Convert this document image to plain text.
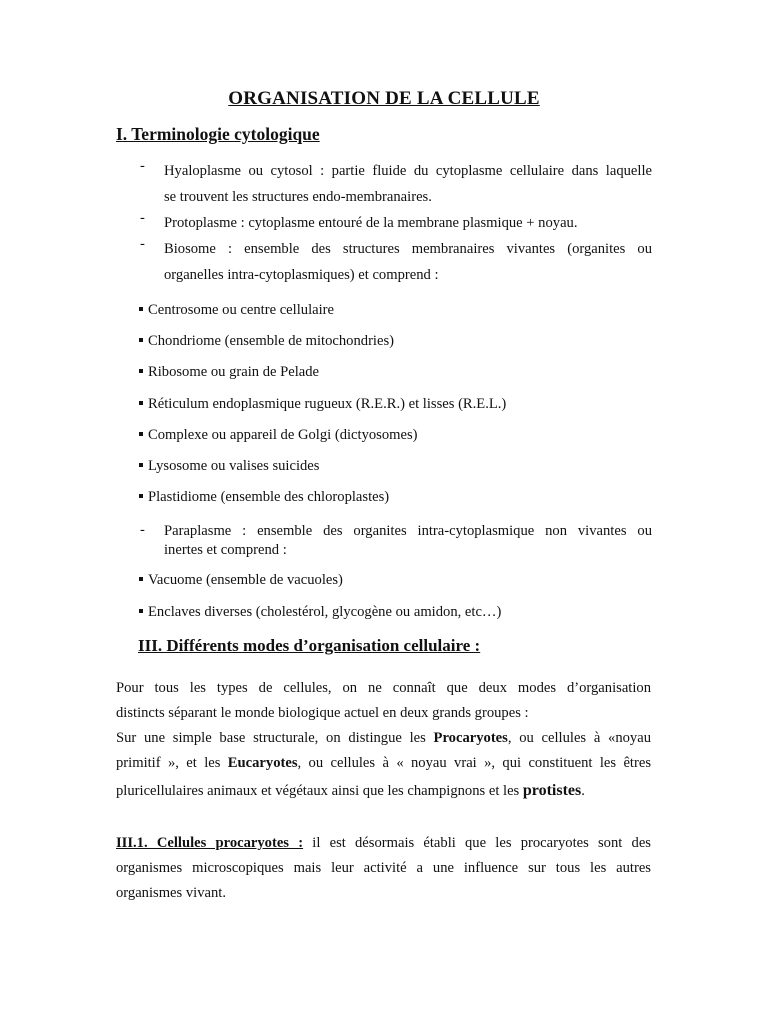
ORGANISATION DE LA CELLULE
I. Terminologie cytologique
- Hyaloplasme ou cytosol : partie fluide du cytoplasme cellulaire dans laquelle
se trouvent les structures endo-membranaires.
- Protoplasme : cytoplasme entouré de la membrane plasmique + noyau.
- Biosome : ensemble des structures membranaires vivantes (organites ou
organelles intra-cytoplasmiques) et comprend :
Centrosome ou centre cellulaire
Chondriome (ensemble de mitochondries)
Ribosome ou grain de Pelade
Réticulum endoplasmique rugueux (R.E.R.) et lisses (R.E.L.)
Complexe ou appareil de Golgi (dictyosomes)
Lysosome ou valises suicides
Plastidiome (ensemble des chloroplastes)
- Paraplasme : ensemble des organites intra-cytoplasmique non vivantes ou
inertes et comprend :
Vacuome (ensemble de vacuoles)
Enclaves diverses (cholestérol, glycogène ou amidon, etc…)
III. Différents modes d’organisation cellulaire :
Pour tous les types de cellules, on ne connaît que deux modes d’organisation
distincts séparant le monde biologique actuel en deux grands groupes :
Sur une simple base structurale, on distingue les Procaryotes, ou cellules à «noyau
primitif », et les Eucaryotes, ou cellules à « noyau vrai », qui constituent les êtres
pluricellulaires animaux et végétaux ainsi que les champignons et les protistes.
III.1. Cellules procaryotes : il est désormais établi que les procaryotes sont des
organismes microscopiques mais leur activité a une influence sur tous les autres
organismes vivant.
